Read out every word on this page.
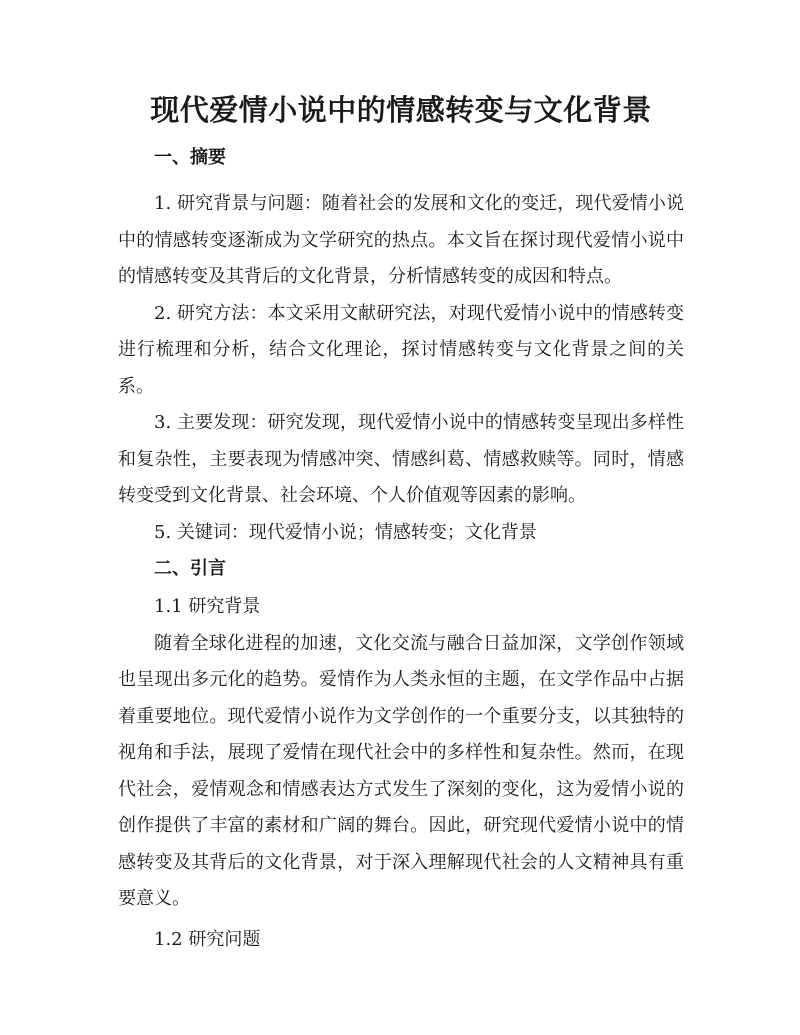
现代爱情小说中的情感转变与文化背景
一、摘要

1. 研究背景与问题：随着社会的发展和文化的变迁，现代爱情小说中的情感转变逐渐成为文学研究的热点。本文旨在探讨现代爱情小说中的情感转变及其背后的文化背景，分析情感转变的成因和特点。

2. 研究方法：本文采用文献研究法，对现代爱情小说中的情感转变进行梳理和分析，结合文化理论，探讨情感转变与文化背景之间的关系。

3. 主要发现：研究发现，现代爱情小说中的情感转变呈现出多样性和复杂性，主要表现为情感冲突、情感纠葛、情感救赎等。同时，情感转变受到文化背景、社会环境、个人价值观等因素的影响。

5. 关键词：现代爱情小说；情感转变；文化背景

二、引言

1.1 研究背景

随着全球化进程的加速，文化交流与融合日益加深，文学创作领域也呈现出多元化的趋势。爱情作为人类永恒的主题，在文学作品中占据着重要地位。现代爱情小说作为文学创作的一个重要分支，以其独特的视角和手法，展现了爱情在现代社会中的多样性和复杂性。然而，在现代社会，爱情观念和情感表达方式发生了深刻的变化，这为爱情小说的创作提供了丰富的素材和广阔的舞台。因此，研究现代爱情小说中的情感转变及其背后的文化背景，对于深入理解现代社会的人文精神具有重要意义。

1.2 研究问题
